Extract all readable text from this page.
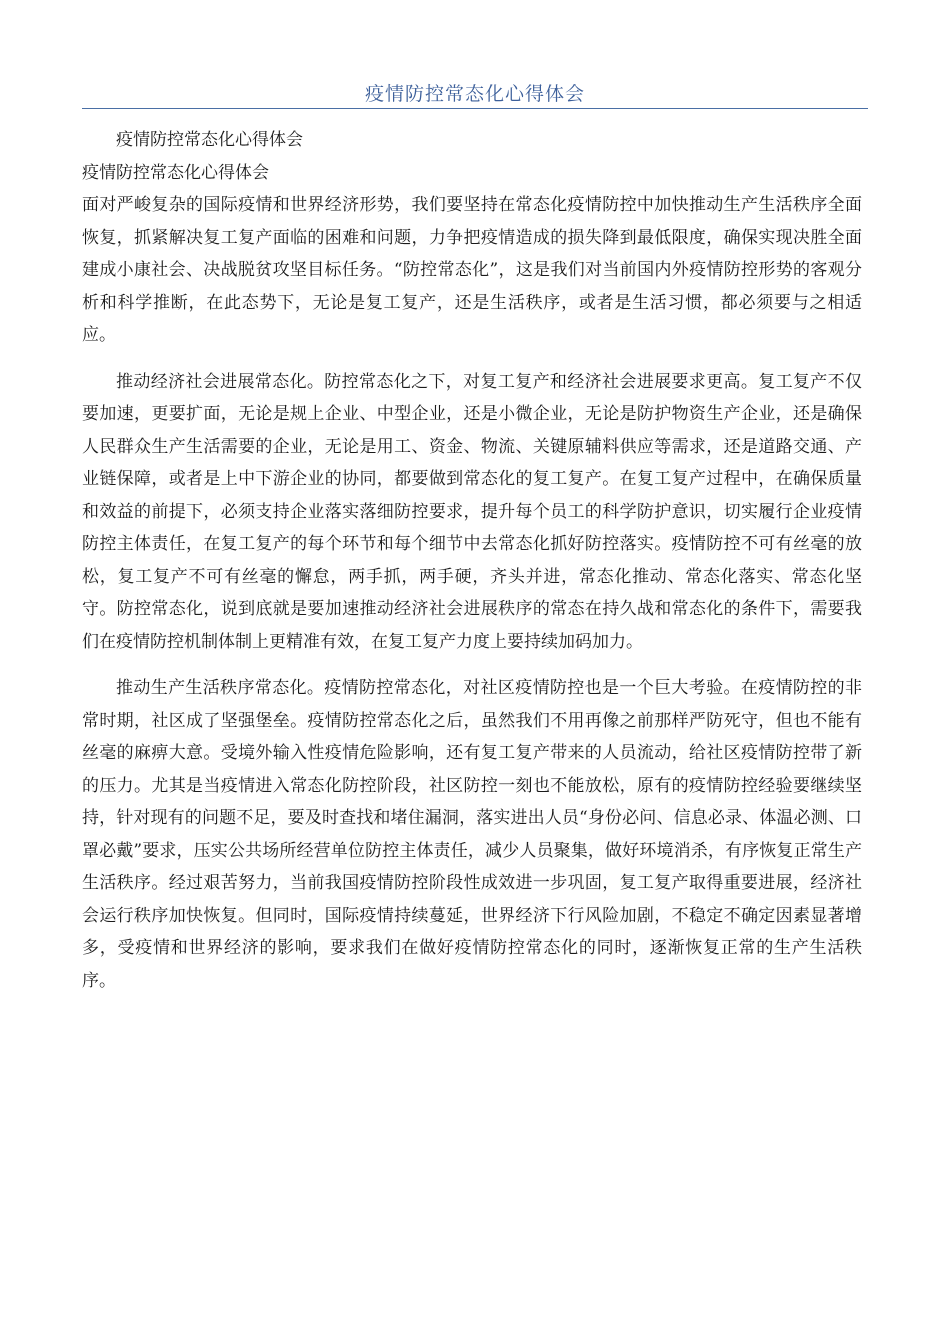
疫情防控常态化心得体会

疫情防控常态化心得体会

疫情防控常态化心得体会

面对严峻复杂的国际疫情和世界经济形势，我们要坚持在常态化疫情防控中加快推动生产生活秩序全面恢复，抓紧解决复工复产面临的困难和问题，力争把疫情造成的损失降到最低限度，确保实现决胜全面建成小康社会、决战脱贫攻坚目标任务。“防控常态化”，这是我们对当前国内外疫情防控形势的客观分析和科学推断，在此态势下，无论是复工复产，还是生活秩序，或者是生活习惯，都必须要与之相适应。

推动经济社会进展常态化。防控常态化之下，对复工复产和经济社会进展要求更高。复工复产不仅要加速，更要扩面，无论是规上企业、中型企业，还是小微企业，无论是防护物资生产企业，还是确保人民群众生产生活需要的企业，无论是用工、资金、物流、关键原辅料供应等需求，还是道路交通、产业链保障，或者是上中下游企业的协同，都要做到常态化的复工复产。在复工复产过程中，在确保质量和效益的前提下，必须支持企业落实落细防控要求，提升每个员工的科学防护意识，切实履行企业疫情防控主体责任，在复工复产的每个环节和每个细节中去常态化抓好防控落实。疫情防控不可有丝毫的放松，复工复产不可有丝毫的懈怠，两手抓，两手硬，齐头并进，常态化推动、常态化落实、常态化坚守。防控常态化，说到底就是要加速推动经济社会进展秩序的常态在持久战和常态化的条件下，需要我们在疫情防控机制体制上更精准有效，在复工复产力度上要持续加码加力。

推动生产生活秩序常态化。疫情防控常态化，对社区疫情防控也是一个巨大考验。在疫情防控的非常时期，社区成了坚强堡垒。疫情防控常态化之后，虽然我们不用再像之前那样严防死守，但也不能有丝毫的麻痹大意。受境外输入性疫情危险影响，还有复工复产带来的人员流动，给社区疫情防控带了新的压力。尤其是当疫情进入常态化防控阶段，社区防控一刻也不能放松，原有的疫情防控经验要继续坚持，针对现有的问题不足，要及时查找和堵住漏洞，落实进出人员“身份必问、信息必录、体温必测、口罩必戴”要求，压实公共场所经营单位防控主体责任，减少人员聚集，做好环境消杀，有序恢复正常生产生活秩序。经过艰苦努力，当前我国疫情防控阶段性成效进一步巩固，复工复产取得重要进展，经济社会运行秩序加快恢复。但同时，国际疫情持续蔓延，世界经济下行风险加剧，不稳定不确定因素显著增多，受疫情和世界经济的影响，要求我们在做好疫情防控常态化的同时，逐渐恢复正常的生产生活秩序。
